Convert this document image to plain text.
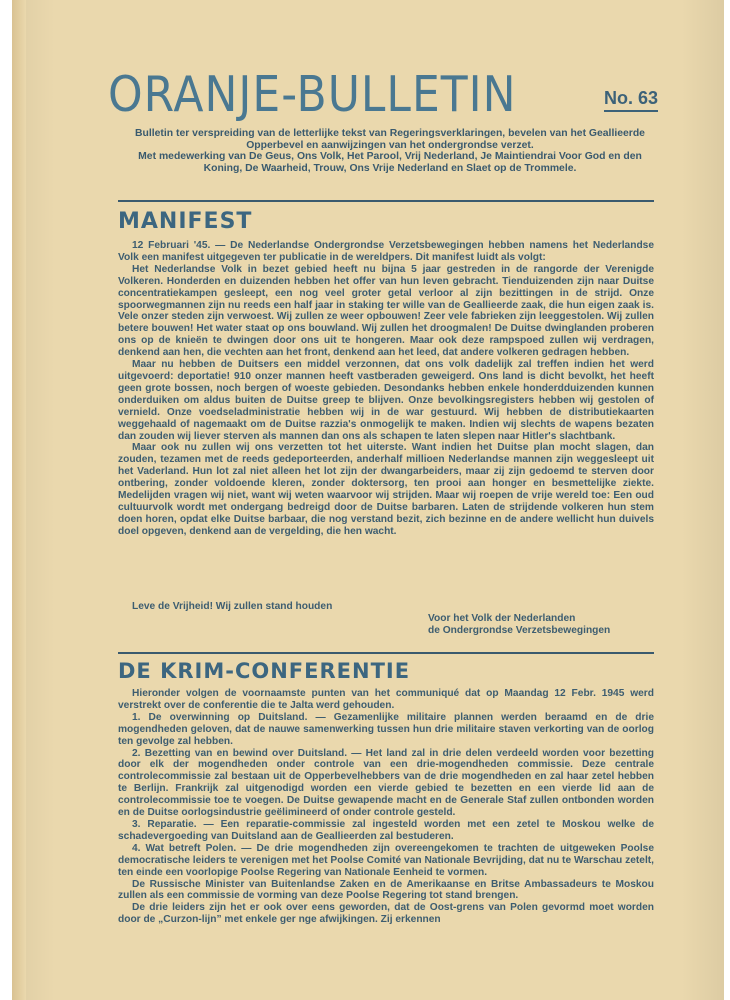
ORANJE-BULLETIN	No. 63
Bulletin ter verspreiding van de letterlijke tekst van Regeringsverklaringen, bevelen van het Geallieerde Opperbevel en aanwijzingen van het ondergrondse verzet.
Met medewerking van De Geus, Ons Volk, Het Parool, Vrij Nederland, Je Maintiendrai Voor God en den Koning, De Waarheid, Trouw, Ons Vrije Nederland en Slaet op de Trommele.
MANIFEST

12 Februari '45. — De Nederlandse Ondergrondse Verzetsbewegingen hebben namens het Nederlandse Volk een manifest uitgegeven ter publicatie in de wereldpers. Dit manifest luidt als volgt:

Het Nederlandse Volk in bezet gebied heeft nu bijna 5 jaar gestreden in de rangorde der Verenigde Volkeren. Honderden en duizenden hebben het offer van hun leven gebracht. Tienduizenden zijn naar Duitse concentratiekampen gesleept, een nog veel groter getal verloor al zijn bezittingen in de strijd. Onze spoorwegmannen zijn nu reeds een half jaar in staking ter wille van de Geallieerde zaak, die hun eigen zaak is. Vele onzer steden zijn verwoest. Wij zullen ze weer opbouwen! Zeer vele fabrieken zijn leeggestolen. Wij zullen betere bouwen! Het water staat op ons bouwland. Wij zullen het droogmalen! De Duitse dwinglanden proberen ons op de knieën te dwingen door ons uit te hongeren. Maar ook deze rampspoed zullen wij verdragen, denkend aan hen, die vechten aan het front, denkend aan het leed, dat andere volkeren gedragen hebben.

Maar nu hebben de Duitsers een middel verzonnen, dat ons volk dadelijk zal treffen indien het werd uitgevoerd: deportatie! 910 onzer mannen heeft vastberaden geweigerd. Ons land is dicht bevolkt, het heeft geen grote bossen, noch bergen of woeste gebieden. Desondanks hebben enkele honderdduizenden kunnen onderduiken om aldus buiten de Duitse greep te blijven. Onze bevolkingsregisters hebben wij gestolen of vernield. Onze voedseladministratie hebben wij in de war gestuurd. Wij hebben de distributiekaarten weggehaald of nagemaakt om de Duitse razzia's onmogelijk te maken. Indien wij slechts de wapens bezaten dan zouden wij liever sterven als mannen dan ons als schapen te laten slepen naar Hitler's slachtbank.

Maar ook nu zullen wij ons verzetten tot het uiterste. Want indien het Duitse plan mocht slagen, dan zouden, tezamen met de reeds gedeporteerden, anderhalf millioen Nederlandse mannen zijn weggesleept uit het Vaderland. Hun lot zal niet alleen het lot zijn der dwangarbeiders, maar zij zijn gedoemd te sterven door ontbering, zonder voldoende kleren, zonder doktersorg, ten prooi aan honger en besmettelijke ziekte. Medelijden vragen wij niet, want wij weten waarvoor wij strijden. Maar wij roepen de vrije wereld toe: Een oud cultuurvolk wordt met ondergang bedreigd door de Duitse barbaren. Laten de strijdende volkeren hun stem doen horen, opdat elke Duitse barbaar, die nog verstand bezit, zich bezinne en de andere wellicht hun duivels doel opgeven, denkend aan de vergelding, die hen wacht.

Leve de Vrijheid! Wij zullen stand houden
Voor het Volk der Nederlanden
de Ondergrondse Verzetsbewegingen
DE KRIM-CONFERENTIE

Hieronder volgen de voornaamste punten van het communiqué dat op Maandag 12 Febr. 1945 werd verstrekt over de conferentie die te Jalta werd gehouden.

1. De overwinning op Duitsland. — Gezamenlijke militaire plannen werden beraamd en de drie mogendheden geloven, dat de nauwe samenwerking tussen hun drie militaire staven verkorting van de oorlog ten gevolge zal hebben.

2. Bezetting van en bewind over Duitsland. — Het land zal in drie delen verdeeld worden voor bezetting door elk der mogendheden onder controle van een drie-mogendheden commissie. Deze centrale controlecommissie zal bestaan uit de Opperbevelhebbers van de drie mogendheden en zal haar zetel hebben te Berlijn. Frankrijk zal uitgenodigd worden een vierde gebied te bezetten en een vierde lid aan de controlecommissie toe te voegen. De Duitse gewapende macht en de Generale Staf zullen ontbonden worden en de Duitse oorlogsindustrie geëlimineerd of onder controle gesteld.

3. Reparatie. — Een reparatie-commissie zal ingesteld worden met een zetel te Moskou welke de schadevergoeding van Duitsland aan de Geallieerden zal bestuderen.

4. Wat betreft Polen. — De drie mogendheden zijn overeengekomen te trachten de uitgeweken Poolse democratische leiders te verenigen met het Poolse Comité van Nationale Bevrijding, dat nu te Warschau zetelt, ten einde een voorlopige Poolse Regering van Nationale Eenheid te vormen.

De Russische Minister van Buitenlandse Zaken en de Amerikaanse en Britse Ambassadeurs te Moskou zullen als een commissie de vorming van deze Poolse Regering tot stand brengen.

De drie leiders zijn het er ook over eens geworden, dat de Oost-grens van Polen gevormd moet worden door de „Curzon-lijn” met enkele ger nge afwijkingen. Zij erkennen
